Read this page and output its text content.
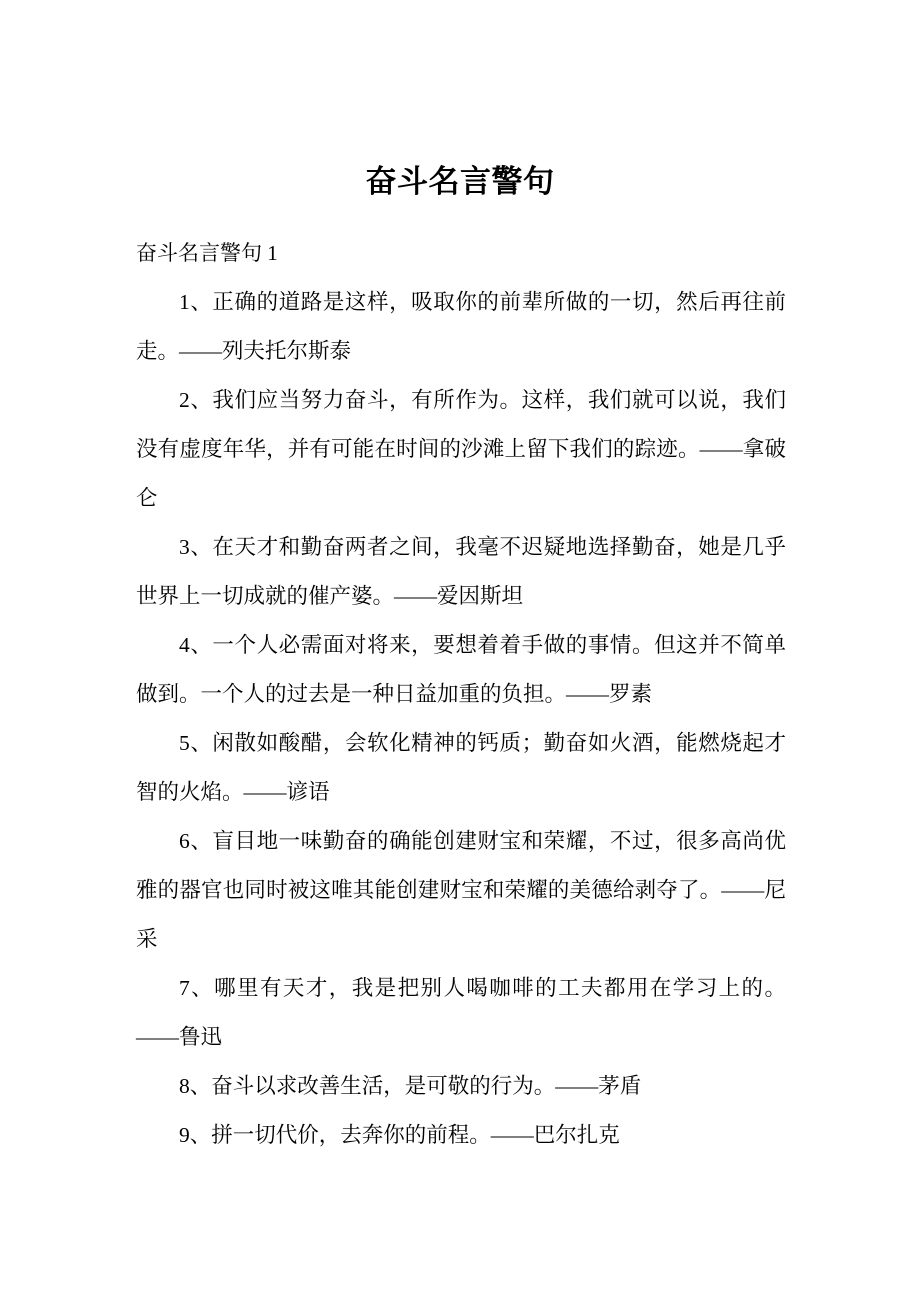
奋斗名言警句
奋斗名言警句 1
1、正确的道路是这样，吸取你的前辈所做的一切，然后再往前走。——列夫托尔斯泰
2、我们应当努力奋斗，有所作为。这样，我们就可以说，我们没有虚度年华，并有可能在时间的沙滩上留下我们的踪迹。——拿破仑
3、在天才和勤奋两者之间，我毫不迟疑地选择勤奋，她是几乎世界上一切成就的催产婆。——爱因斯坦
4、一个人必需面对将来，要想着着手做的事情。但这并不简单做到。一个人的过去是一种日益加重的负担。——罗素
5、闲散如酸醋，会软化精神的钙质；勤奋如火酒，能燃烧起才智的火焰。——谚语
6、盲目地一味勤奋的确能创建财宝和荣耀，不过，很多高尚优雅的器官也同时被这唯其能创建财宝和荣耀的美德给剥夺了。——尼采
7、哪里有天才，我是把别人喝咖啡的工夫都用在学习上的。——鲁迅
8、奋斗以求改善生活，是可敬的行为。——茅盾
9、拼一切代价，去奔你的前程。——巴尔扎克
